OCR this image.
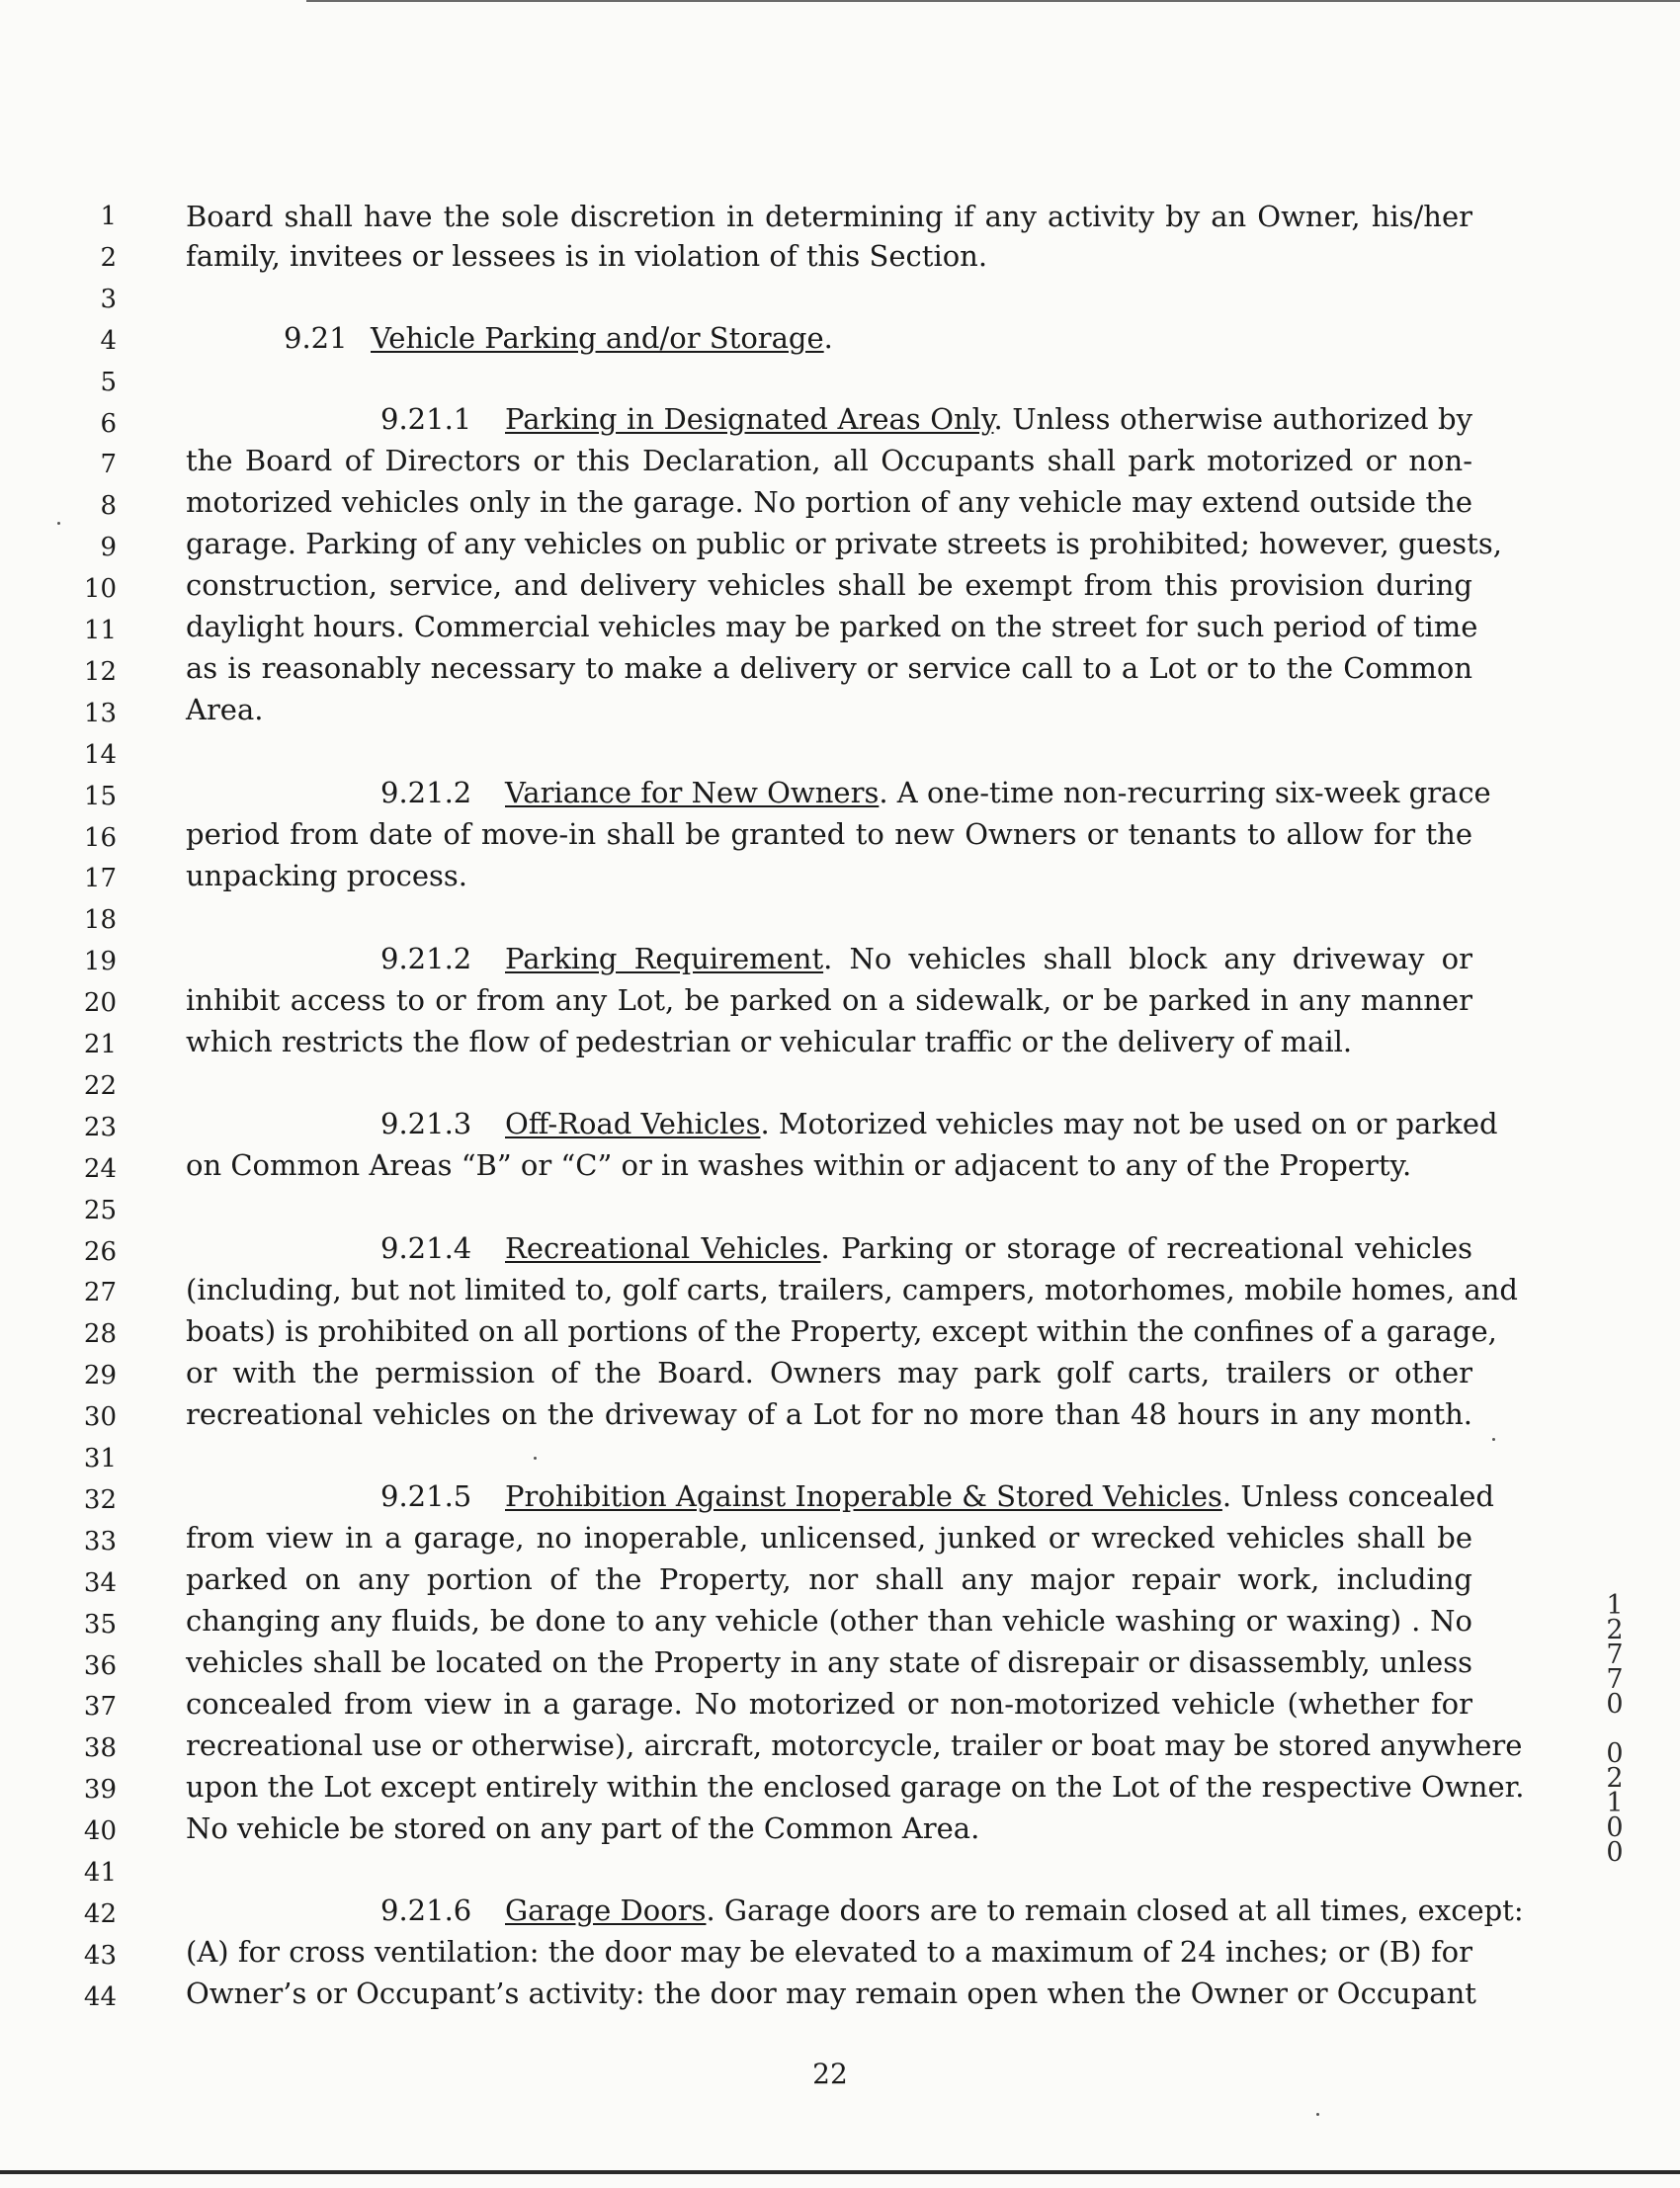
1
2
3
4
5
6
7
8
9
10
11
12
13
14
15
16
17
18
19
20
21
22
23
24
25
26
27
28
29
30
31
32
33
34
35
36
37
38
39
40
41
42
43
44
Board shall have the sole discretion in determining if any activity by an Owner, his/her
family, invitees or lessees is in violation of this Section.
9.21 Vehicle Parking and/or Storage.
9.21.1 Parking in Designated Areas Only. Unless otherwise authorized by
the Board of Directors or this Declaration, all Occupants shall park motorized or non-
motorized vehicles only in the garage. No portion of any vehicle may extend outside the
garage. Parking of any vehicles on public or private streets is prohibited; however, guests,
construction, service, and delivery vehicles shall be exempt from this provision during
daylight hours. Commercial vehicles may be parked on the street for such period of time
as is reasonably necessary to make a delivery or service call to a Lot or to the Common
Area.
9.21.2 Variance for New Owners. A one-time non-recurring six-week grace
period from date of move-in shall be granted to new Owners or tenants to allow for the
unpacking process.
9.21.2 Parking Requirement. No vehicles shall block any driveway or
inhibit access to or from any Lot, be parked on a sidewalk, or be parked in any manner
which restricts the flow of pedestrian or vehicular traffic or the delivery of mail.
9.21.3 Off-Road Vehicles. Motorized vehicles may not be used on or parked
on Common Areas “B” or “C” or in washes within or adjacent to any of the Property.
9.21.4 Recreational Vehicles. Parking or storage of recreational vehicles
(including, but not limited to, golf carts, trailers, campers, motorhomes, mobile homes, and
boats) is prohibited on all portions of the Property, except within the confines of a garage,
or with the permission of the Board. Owners may park golf carts, trailers or other
recreational vehicles on the driveway of a Lot for no more than 48 hours in any month.
9.21.5 Prohibition Against Inoperable & Stored Vehicles. Unless concealed
from view in a garage, no inoperable, unlicensed, junked or wrecked vehicles shall be
parked on any portion of the Property, nor shall any major repair work, including
changing any fluids, be done to any vehicle (other than vehicle washing or waxing) . No
vehicles shall be located on the Property in any state of disrepair or disassembly, unless
concealed from view in a garage. No motorized or non-motorized vehicle (whether for
recreational use or otherwise), aircraft, motorcycle, trailer or boat may be stored anywhere
upon the Lot except entirely within the enclosed garage on the Lot of the respective Owner.
No vehicle be stored on any part of the Common Area.
9.21.6 Garage Doors. Garage doors are to remain closed at all times, except:
(A) for cross ventilation: the door may be elevated to a maximum of 24 inches; or (B) for
Owner’s or Occupant’s activity: the door may remain open when the Owner or Occupant
22
1
2
7
7
0

0
2
1
0
0
